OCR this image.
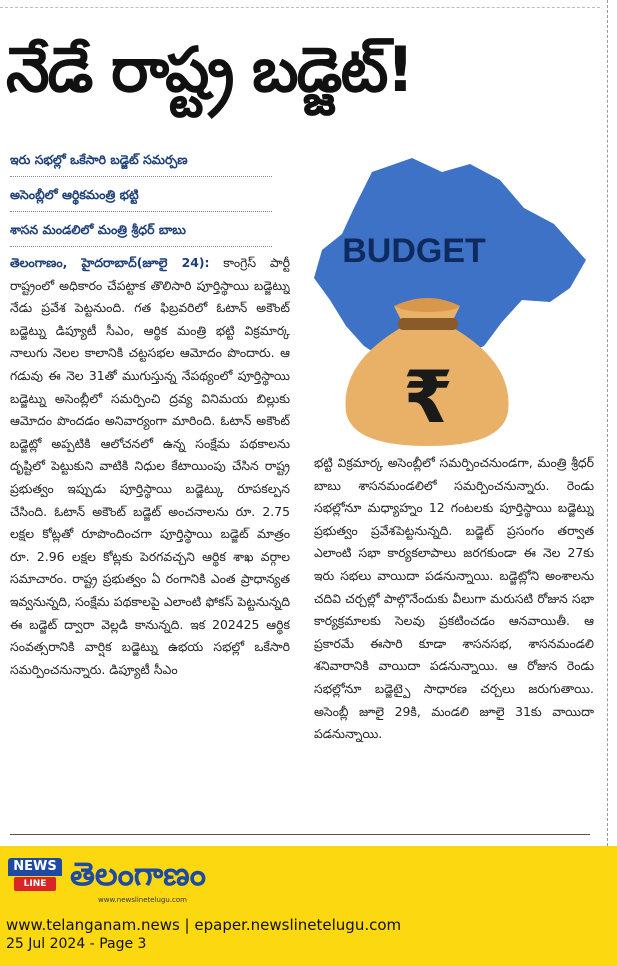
నేడే రాష్ట్ర బడ్జెట్!
ఇరు సభల్లో ఒకేసారి బడ్జెట్ సమర్పణ
అసెంబ్లీలో ఆర్థికమంత్రి భట్టి
శాసన మండలిలో మంత్రి శ్రీధర్ బాబు
BUDGET
₹
తెలంగాణం, హైదరాబాద్(జూలై 24): కాంగ్రెస్ పార్టీ రాష్ట్రంలో అధికారం చేపట్టాక తొలిసారి పూర్తిస్థాయి బడ్జెట్ను నేడు ప్రవేశ పెట్టనుంది. గత ఫిబ్రవరిలో ఓటాన్ అకౌంట్ బడ్జెట్ను డిప్యూటీ సీఎం, ఆర్థిక మంత్రి భట్టి విక్రమార్క నాలుగు నెలల కాలానికి చట్టసభల ఆమోదం పొందారు. ఆ గడువు ఈ నెల 31తో ముగుస్తున్న నేపథ్యంలో పూర్తిస్థాయి బడ్జెట్ను అసెంబ్లీలో సమర్పించి ద్రవ్య వినిమయ బిల్లుకు ఆమోదం పొందడం అనివార్యంగా మారింది. ఓటాన్ అకౌంట్ బడ్జెట్లో అప్పటికి ఆలోచనలో ఉన్న సంక్షేమ పథకాలను దృష్టిలో పెట్టుకుని వాటికి నిధుల కేటాయింపు చేసిన రాష్ట్ర ప్రభుత్వం ఇప్పుడు పూర్తిస్థాయి బడ్జెట్కు రూపకల్పన చేసింది. ఓటాన్ అకౌంట్ బడ్జెట్ అంచనాలను రూ. 2.75 లక్షల కోట్లతో రూపొందించగా పూర్తిస్థాయి బడ్జెట్ మాత్రం రూ. 2.96 లక్షల కోట్లకు పెరగవచ్చని ఆర్థిక శాఖ వర్గాల సమాచారం. రాష్ట్ర ప్రభుత్వం ఏ రంగానికి ఎంత ప్రాధాన్యత ఇవ్వనున్నది, సంక్షేమ పథకాలపై ఎలాంటి ఫోకస్ పెట్టనున్నది ఈ బడ్జెట్ ద్వారా వెల్లడి కానున్నది. ఇక 202425 ఆర్థిక సంవత్సరానికి వార్షిక బడ్జెట్ను ఉభయ సభల్లో ఒకేసారి సమర్పించనున్నారు. డిప్యూటీ సీఎం
భట్టి విక్రమార్క అసెంబ్లీలో సమర్పించనుండగా, మంత్రి శ్రీధర్ బాబు శాసనమండలిలో సమర్పించనున్నారు. రెండు సభల్లోనూ మధ్యాహ్నం 12 గంటలకు పూర్తిస్థాయి బడ్జెట్ను ప్రభుత్వం ప్రవేశపెట్టనున్నది. బడ్జెట్ ప్రసంగం తర్వాత ఎలాంటి సభా కార్యకలాపాలు జరగకుండా ఈ నెల 27కు ఇరు సభలు వాయిదా పడనున్నాయి. బడ్జెట్లోని అంశాలను చదివి చర్చల్లో పాల్గొనేందుకు వీలుగా మరుసటి రోజున సభా కార్యక్రమాలకు సెలవు ప్రకటించడం ఆనవాయితీ. ఆ ప్రకారమే ఈసారి కూడా శాసనసభ, శాసనమండలి శనివారానికి వాయిదా పడనున్నాయి. ఆ రోజున రెండు సభల్లోనూ బడ్జెట్పై సాధారణ చర్చలు జరుగుతాయి. అసెంబ్లీ జూలై 29కి, మండలి జూలై 31కు వాయిదా పడనున్నాయి.
NEWS
LINE తెలంగాణం
www.newslinetelugu.com
www.telanganam.news | epaper.newslinetelugu.com
25 Jul 2024 - Page 3
